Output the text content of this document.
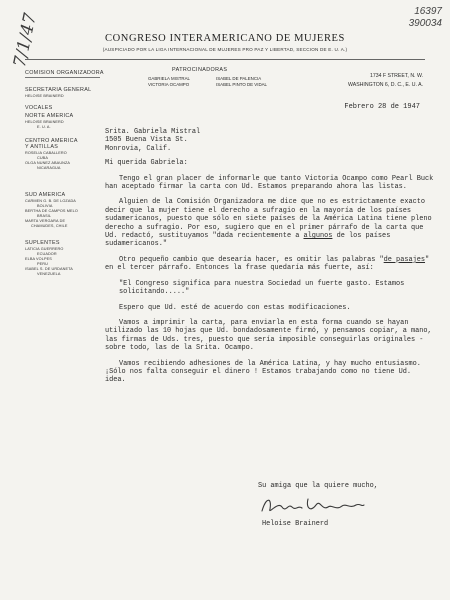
16397
390034
7/1/47	CONGRESO INTERAMERICANO DE MUJERES
(AUSPICIADO POR LA LIGA INTERNACIONAL DE MUJERES PRO PAZ Y LIBERTAD, SECCION DE E. U. A.)
PATROCINADORAS
GABRIELA MISTRAL
VICTORIA OCAMPO
ISABEL DE PALENCIA
ISABEL PINTO DE VIDAL
1734 F STREET, N. W.
WASHINGTON 6, D. C., E. U. A.
COMISION ORGANIZADORA
SECRETARIA GENERAL
HELOISE BRAINERD
VOCALES
NORTE AMERICA
HELOISE BRAINERD
E. U. A.
CENTRO AMERICA Y ANTILLAS
ROSELIA CABALLERO
CUBA
OLGA NUNEZ ABAUNZA
NICARAGUA
SUD AMERICA
CARMEN G. B. DE LOZADA
BOLIVIA
BERTHA DE CAMPOS MELO
BRASIL
MARTA VERGARA DE
CHAMUDES, CHILE
SUPLENTES
LATICIA GUERRERO
ECUADOR
ELBA VOLPES
PERU
ISABEL S. DE URDANETA
VENEZUELA
Febrero 28 de 1947

Srita. Gabriela Mistral

1505 Buena Vista St.

Monrovia, Calif.

Mi querida Gabriela:

Tengo el gran placer de informarle que tanto Victoria Ocampo como Pearl Buck han aceptado firmar la carta con Ud. Estamos preparando ahora las listas.

Alguien de la Comisión Organizadora me dice que no es estrictamente exacto decir que la mujer tiene el derecho a sufragio en la mayoría de los países sudamericanos, puesto que sólo en siete países de la América Latina tiene pleno derecho a sufragio. Por eso, sugiero que en el primer párrafo de la carta que Ud. redactó, sustituyamos "dada recientemente a algunos de los países sudamericanos."

Otro pequeño cambio que desearía hacer, es omitir las palabras "de pasajes" en el tercer párrafo. Entonces la frase quedaría más fuerte, así:

"El Congreso significa para nuestra Sociedad un fuerte gasto. Estamos solicitando....."

Espero que Ud. esté de acuerdo con estas modificaciones.

Vamos a imprimir la carta, para enviarla en esta forma cuando se hayan utilizado las 10 hojas que Ud. bondadosamente firmó, y pensamos copiar, a mano, las firmas de Uds. tres, puesto que sería imposible conseguirlas originales - sobre todo, las de la Srita. Ocampo.

Vamos recibiendo adhesiones de la América Latina, y hay mucho entusiasmo. ¡Sólo nos falta conseguir el dinero ! Estamos trabajando como no tiene Ud. idea.

Su amiga que la quiere mucho,
Heloise Brainerd
